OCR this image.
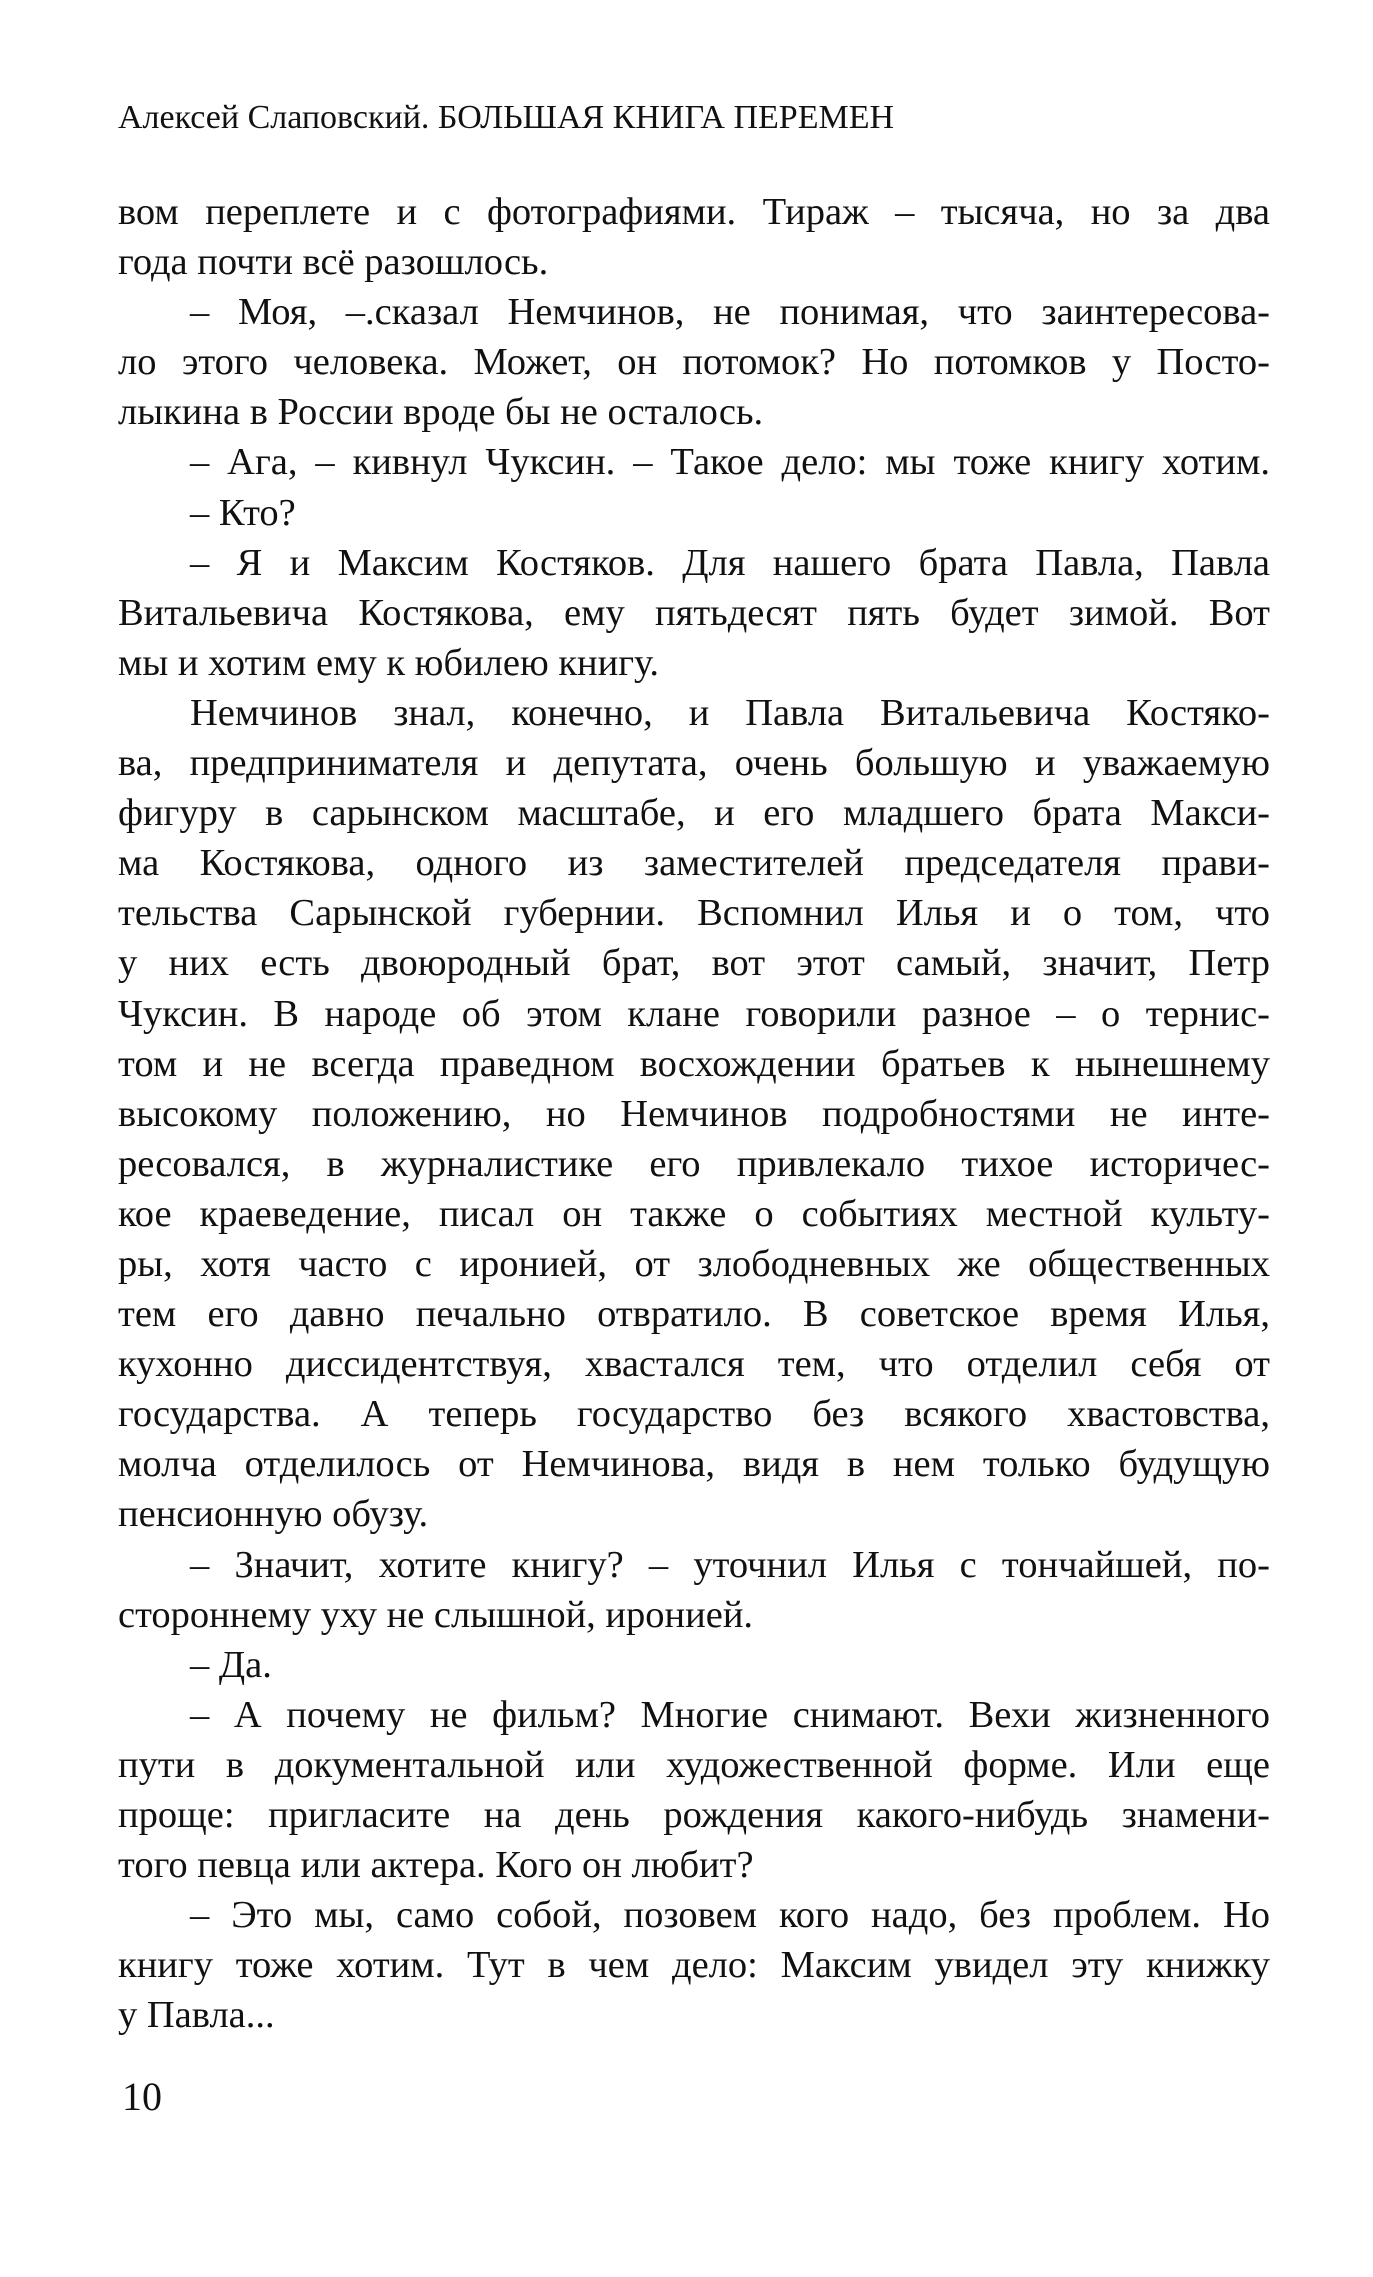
Алексей Слаповский. БОЛЬШАЯ КНИГА ПЕРЕМЕН
вом переплете и с фотографиями. Тираж – тысяча, но за два
года почти всё разошлось.
– Моя, –.сказал Немчинов, не понимая, что заинтересова-
ло этого человека. Может, он потомок? Но потомков у Посто-
лыкина в России вроде бы не осталось.
– Ага, – кивнул Чуксин. – Такое дело: мы тоже книгу хотим.
– Кто?
– Я и Максим Костяков. Для нашего брата Павла, Павла
Витальевича Костякова, ему пятьдесят пять будет зимой. Вот
мы и хотим ему к юбилею книгу.
Немчинов знал, конечно, и Павла Витальевича Костяко-
ва, предпринимателя и депутата, очень большую и уважаемую
фигуру в сарынском масштабе, и его младшего брата Макси-
ма Костякова, одного из заместителей председателя прави-
тельства Сарынской губернии. Вспомнил Илья и о том, что
у них есть двоюродный брат, вот этот самый, значит, Петр
Чуксин. В народе об этом клане говорили разное – о тернис-
том и не всегда праведном восхождении братьев к нынешнему
высокому положению, но Немчинов подробностями не инте-
ресовался, в журналистике его привлекало тихое историчес-
кое краеведение, писал он также о событиях местной культу-
ры, хотя часто с иронией, от злободневных же общественных
тем его давно печально отвратило. В советское время Илья,
кухонно диссидентствуя, хвастался тем, что отделил себя от
государства. А теперь государство без всякого хвастовства,
молча отделилось от Немчинова, видя в нем только будущую
пенсионную обузу.
– Значит, хотите книгу? – уточнил Илья с тончайшей, по-
стороннему уху не слышной, иронией.
– Да.
– А почему не фильм? Многие снимают. Вехи жизненного
пути в документальной или художественной форме. Или еще
проще: пригласите на день рождения какого-нибудь знамени-
того певца или актера. Кого он любит?
– Это мы, само собой, позовем кого надо, без проблем. Но
книгу тоже хотим. Тут в чем дело: Максим увидел эту книжку
у Павла...
10
